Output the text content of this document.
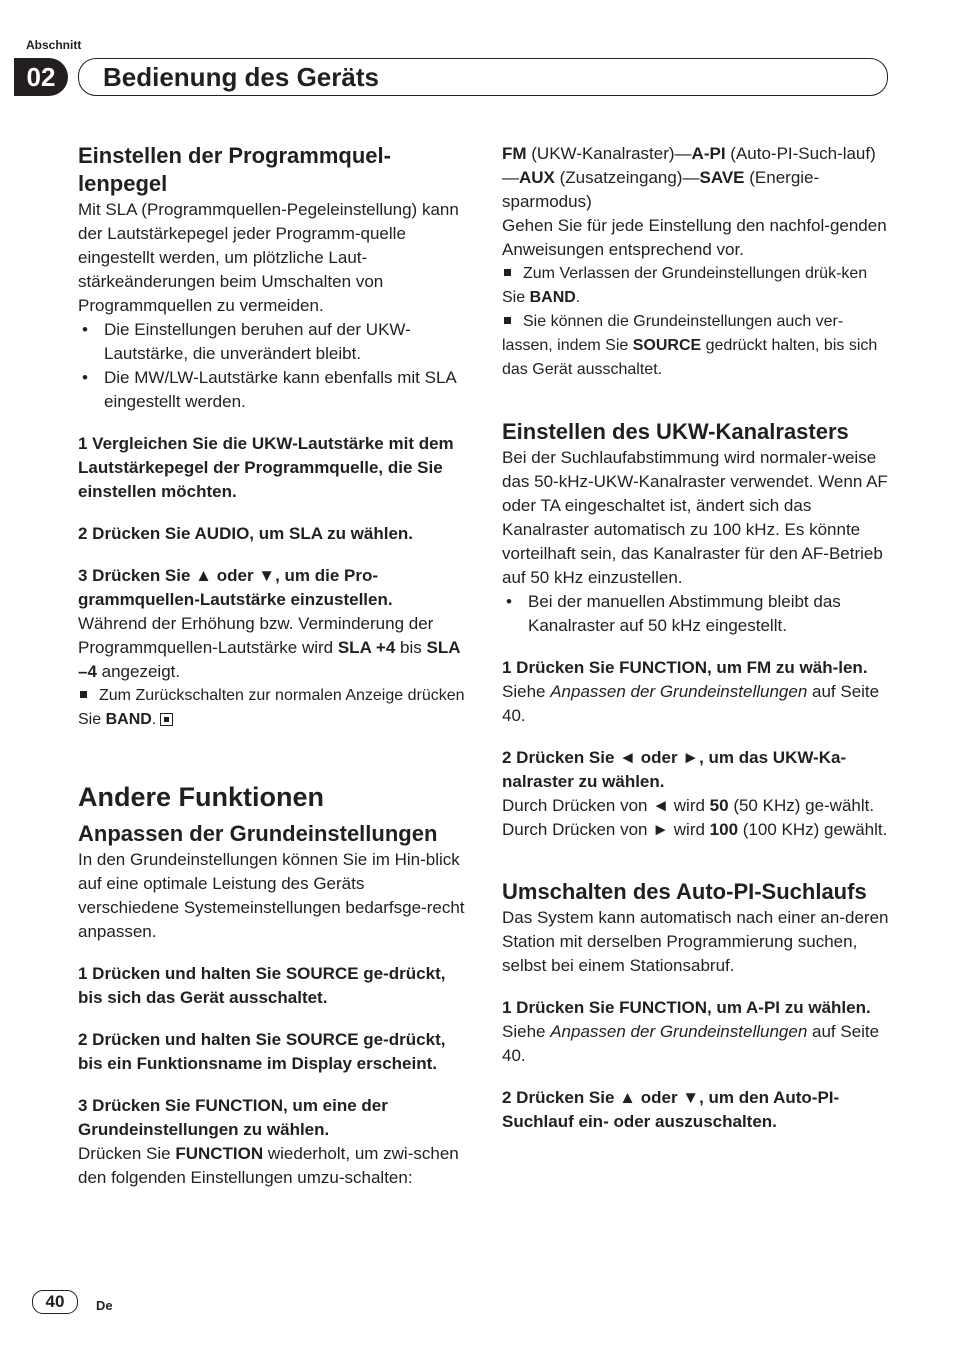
Abschnitt
02	Bedienung des Geräts

Einstellen der Programmquel-lenpegel

Mit SLA (Programmquellen-Pegeleinstellung) kann der Lautstärkepegel jeder Programm-quelle eingestellt werden, um plötzliche Laut-stärkeänderungen beim Umschalten von Programmquellen zu vermeiden.

• Die Einstellungen beruhen auf der UKW-Lautstärke, die unverändert bleibt.
• Die MW/LW-Lautstärke kann ebenfalls mit SLA eingestellt werden.

1 Vergleichen Sie die UKW-Lautstärke mit dem Lautstärkepegel der Programmquelle, die Sie einstellen möchten.

2 Drücken Sie AUDIO, um SLA zu wählen.

3 Drücken Sie ▲ oder ▼, um die Pro-grammquellen-Lautstärke einzustellen.

Während der Erhöhung bzw. Verminderung der Programmquellen-Lautstärke wird SLA +4 bis SLA –4 angezeigt.

Zum Zurückschalten zur normalen Anzeige drücken Sie BAND.

Andere Funktionen

Anpassen der Grundeinstellungen

In den Grundeinstellungen können Sie im Hin-blick auf eine optimale Leistung des Geräts verschiedene Systemeinstellungen bedarfsge-recht anpassen.

1 Drücken und halten Sie SOURCE ge-drückt, bis sich das Gerät ausschaltet.

2 Drücken und halten Sie SOURCE ge-drückt, bis ein Funktionsname im Display erscheint.

3 Drücken Sie FUNCTION, um eine der Grundeinstellungen zu wählen.

Drücken Sie FUNCTION wiederholt, um zwi-schen den folgenden Einstellungen umzu-schalten:

FM (UKW-Kanalraster)—A-PI (Auto-PI-Such-lauf)—AUX (Zusatzeingang)—SAVE (Energie-sparmodus)

Gehen Sie für jede Einstellung den nachfol-genden Anweisungen entsprechend vor.

Zum Verlassen der Grundeinstellungen drük-ken Sie BAND.

Sie können die Grundeinstellungen auch ver-lassen, indem Sie SOURCE gedrückt halten, bis sich das Gerät ausschaltet.

Einstellen des UKW-Kanalrasters

Bei der Suchlaufabstimmung wird normaler-weise das 50-kHz-UKW-Kanalraster verwendet. Wenn AF oder TA eingeschaltet ist, ändert sich das Kanalraster automatisch zu 100 kHz. Es könnte vorteilhaft sein, das Kanalraster für den AF-Betrieb auf 50 kHz einzustellen.

• Bei der manuellen Abstimmung bleibt das Kanalraster auf 50 kHz eingestellt.

1 Drücken Sie FUNCTION, um FM zu wäh-len.

Siehe Anpassen der Grundeinstellungen auf Seite 40.

2 Drücken Sie ◄ oder ►, um das UKW-Ka-nalraster zu wählen.

Durch Drücken von ◄ wird 50 (50 KHz) ge-wählt. Durch Drücken von ► wird 100 (100 KHz) gewählt.

Umschalten des Auto-PI-Suchlaufs

Das System kann automatisch nach einer an-deren Station mit derselben Programmierung suchen, selbst bei einem Stationsabruf.

1 Drücken Sie FUNCTION, um A-PI zu wählen.

Siehe Anpassen der Grundeinstellungen auf Seite 40.

2 Drücken Sie ▲ oder ▼, um den Auto-PI-Suchlauf ein- oder auszuschalten.

40	De
